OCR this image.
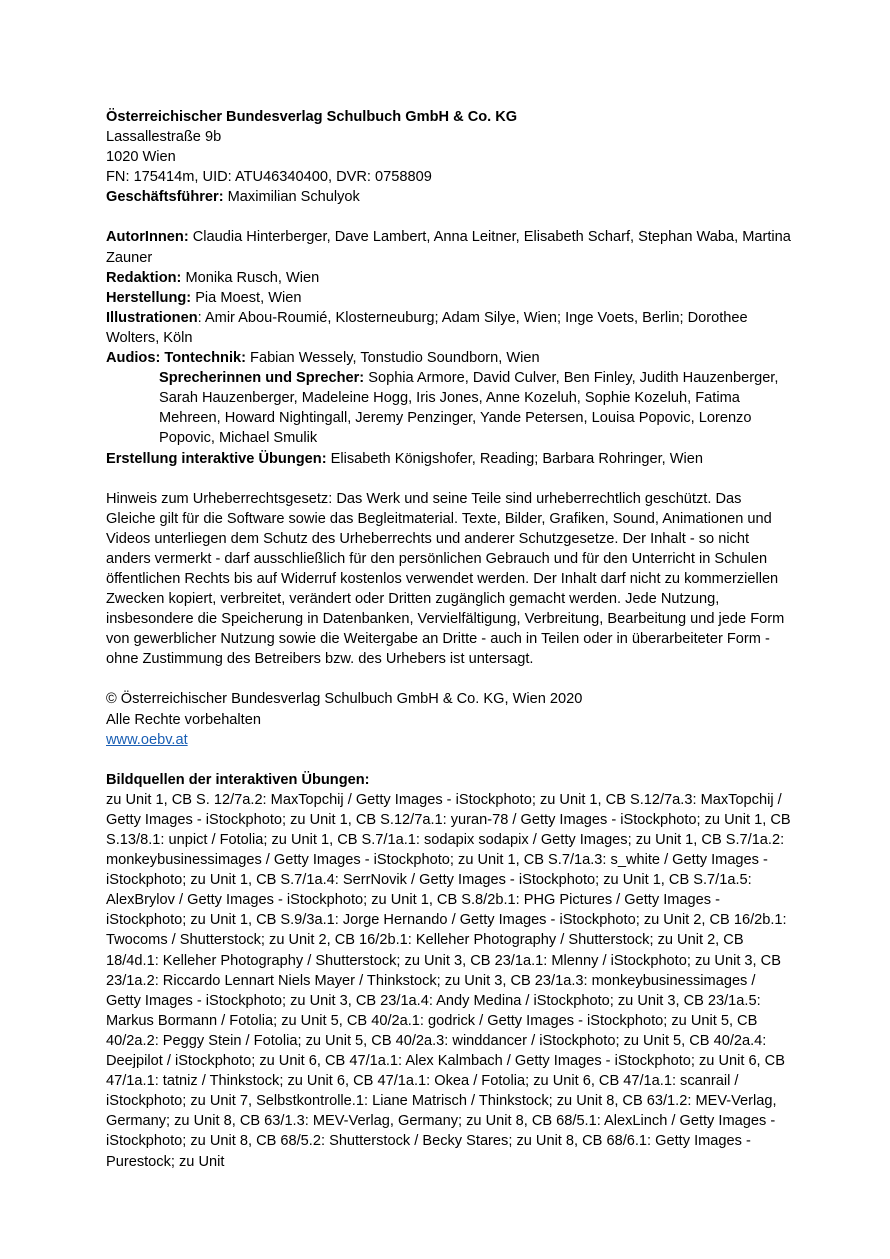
Österreichischer Bundesverlag Schulbuch GmbH & Co. KG
Lassallestraße 9b
1020 Wien
FN: 175414m, UID: ATU46340400, DVR: 0758809
Geschäftsführer: Maximilian Schulyok

AutorInnen: Claudia Hinterberger, Dave Lambert, Anna Leitner, Elisabeth Scharf, Stephan Waba, Martina Zauner

Redaktion: Monika Rusch, Wien

Herstellung: Pia Moest, Wien

Illustrationen: Amir Abou-Roumié, Klosterneuburg; Adam Silye, Wien; Inge Voets, Berlin; Dorothee Wolters, Köln

Audios: Tontechnik: Fabian Wessely, Tonstudio Soundborn, Wien

Sprecherinnen und Sprecher: Sophia Armore, David Culver, Ben Finley, Judith Hauzenberger, Sarah Hauzenberger, Madeleine Hogg, Iris Jones, Anne Kozeluh, Sophie Kozeluh, Fatima Mehreen, Howard Nightingall, Jeremy Penzinger, Yande Petersen, Louisa Popovic, Lorenzo Popovic, Michael Smulik

Erstellung interaktive Übungen: Elisabeth Königshofer, Reading; Barbara Rohringer, Wien

Hinweis zum Urheberrechtsgesetz: Das Werk und seine Teile sind urheberrechtlich geschützt. Das Gleiche gilt für die Software sowie das Begleitmaterial. Texte, Bilder, Grafiken, Sound, Animationen und Videos unterliegen dem Schutz des Urheberrechts und anderer Schutzgesetze. Der Inhalt - so nicht anders vermerkt - darf ausschließlich für den persönlichen Gebrauch und für den Unterricht in Schulen öffentlichen Rechts bis auf Widerruf kostenlos verwendet werden. Der Inhalt darf nicht zu kommerziellen Zwecken kopiert, verbreitet, verändert oder Dritten zugänglich gemacht werden. Jede Nutzung, insbesondere die Speicherung in Datenbanken, Vervielfältigung, Verbreitung, Bearbeitung und jede Form von gewerblicher Nutzung sowie die Weitergabe an Dritte - auch in Teilen oder in überarbeiteter Form - ohne Zustimmung des Betreibers bzw. des Urhebers ist untersagt.

© Österreichischer Bundesverlag Schulbuch GmbH & Co. KG, Wien 2020
Alle Rechte vorbehalten
www.oebv.at
Bildquellen der interaktiven Übungen:

zu Unit 1, CB S. 12/7a.2: MaxTopchij / Getty Images - iStockphoto; zu Unit 1, CB S.12/7a.3: MaxTopchij / Getty Images - iStockphoto; zu Unit 1, CB S.12/7a.1: yuran-78 / Getty Images - iStockphoto; zu Unit 1, CB S.13/8.1: unpict / Fotolia; zu Unit 1, CB S.7/1a.1: sodapix sodapix / Getty Images; zu Unit 1, CB S.7/1a.2: monkeybusinessimages / Getty Images - iStockphoto; zu Unit 1, CB S.7/1a.3: s_white / Getty Images - iStockphoto; zu Unit 1, CB S.7/1a.4: SerrNovik / Getty Images - iStockphoto; zu Unit 1, CB S.7/1a.5: AlexBrylov / Getty Images - iStockphoto; zu Unit 1, CB S.8/2b.1: PHG Pictures / Getty Images - iStockphoto; zu Unit 1, CB S.9/3a.1: Jorge Hernando / Getty Images - iStockphoto; zu Unit 2, CB 16/2b.1: Twocoms / Shutterstock; zu Unit 2, CB 16/2b.1: Kelleher Photography / Shutterstock; zu Unit 2, CB 18/4d.1: Kelleher Photography / Shutterstock; zu Unit 3, CB 23/1a.1: Mlenny / iStockphoto; zu Unit 3, CB 23/1a.2: Riccardo Lennart Niels Mayer / Thinkstock; zu Unit 3, CB 23/1a.3: monkeybusinessimages / Getty Images - iStockphoto; zu Unit 3, CB 23/1a.4: Andy Medina / iStockphoto; zu Unit 3, CB 23/1a.5: Markus Bormann / Fotolia; zu Unit 5, CB 40/2a.1: godrick / Getty Images - iStockphoto; zu Unit 5, CB 40/2a.2: Peggy Stein / Fotolia; zu Unit 5, CB 40/2a.3: winddancer / iStockphoto; zu Unit 5, CB 40/2a.4: Deejpilot / iStockphoto; zu Unit 6, CB 47/1a.1: Alex Kalmbach / Getty Images - iStockphoto; zu Unit 6, CB 47/1a.1: tatniz / Thinkstock; zu Unit 6, CB 47/1a.1: Okea / Fotolia; zu Unit 6, CB 47/1a.1: scanrail / iStockphoto; zu Unit 7, Selbstkontrolle.1: Liane Matrisch / Thinkstock; zu Unit 8, CB 63/1.2: MEV-Verlag, Germany; zu Unit 8, CB 63/1.3: MEV-Verlag, Germany; zu Unit 8, CB 68/5.1: AlexLinch / Getty Images - iStockphoto; zu Unit 8, CB 68/5.2: Shutterstock / Becky Stares; zu Unit 8, CB 68/6.1: Getty Images - Purestock; zu Unit
